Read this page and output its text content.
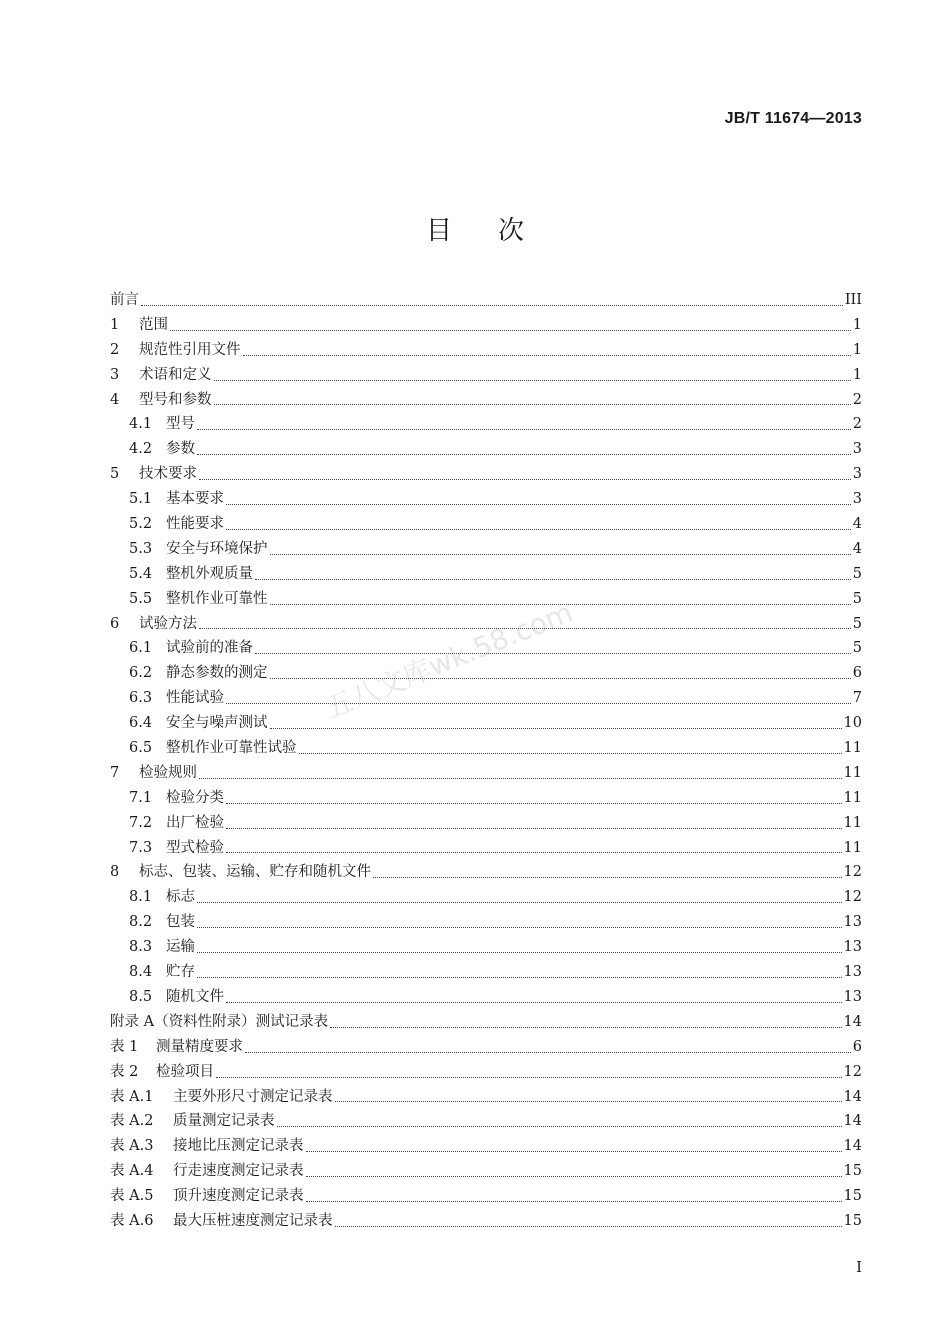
JB/T 11674—2013
目 次
前言	III
1	范围	1
2	规范性引用文件	1
3	术语和定义	1
4	型号和参数	2
4.1 型号	2
4.2 参数	3
5	技术要求	3
5.1 基本要求	3
5.2 性能要求	4
5.3 安全与环境保护	4
5.4 整机外观质量	5
5.5 整机作业可靠性	5
6	试验方法	5
6.1 试验前的准备	5
6.2 静态参数的测定	6
6.3 性能试验	7
6.4 安全与噪声测试	10
6.5 整机作业可靠性试验	11
7	检验规则	11
7.1 检验分类	11
7.2 出厂检验	11
7.3 型式检验	11
8	标志、包装、运输、贮存和随机文件	12
8.1 标志	12
8.2 包装	13
8.3 运输	13
8.4 贮存	13
8.5 随机文件	13
附录 A（资料性附录）测试记录表	14
表 1	测量精度要求	6
表 2	检验项目	12
表 A.1	主要外形尺寸测定记录表	14
表 A.2	质量测定记录表	14
表 A.3	接地比压测定记录表	14
表 A.4	行走速度测定记录表	15
表 A.5	顶升速度测定记录表	15
表 A.6	最大压桩速度测定记录表	15
五八文库wk.58.com
I
